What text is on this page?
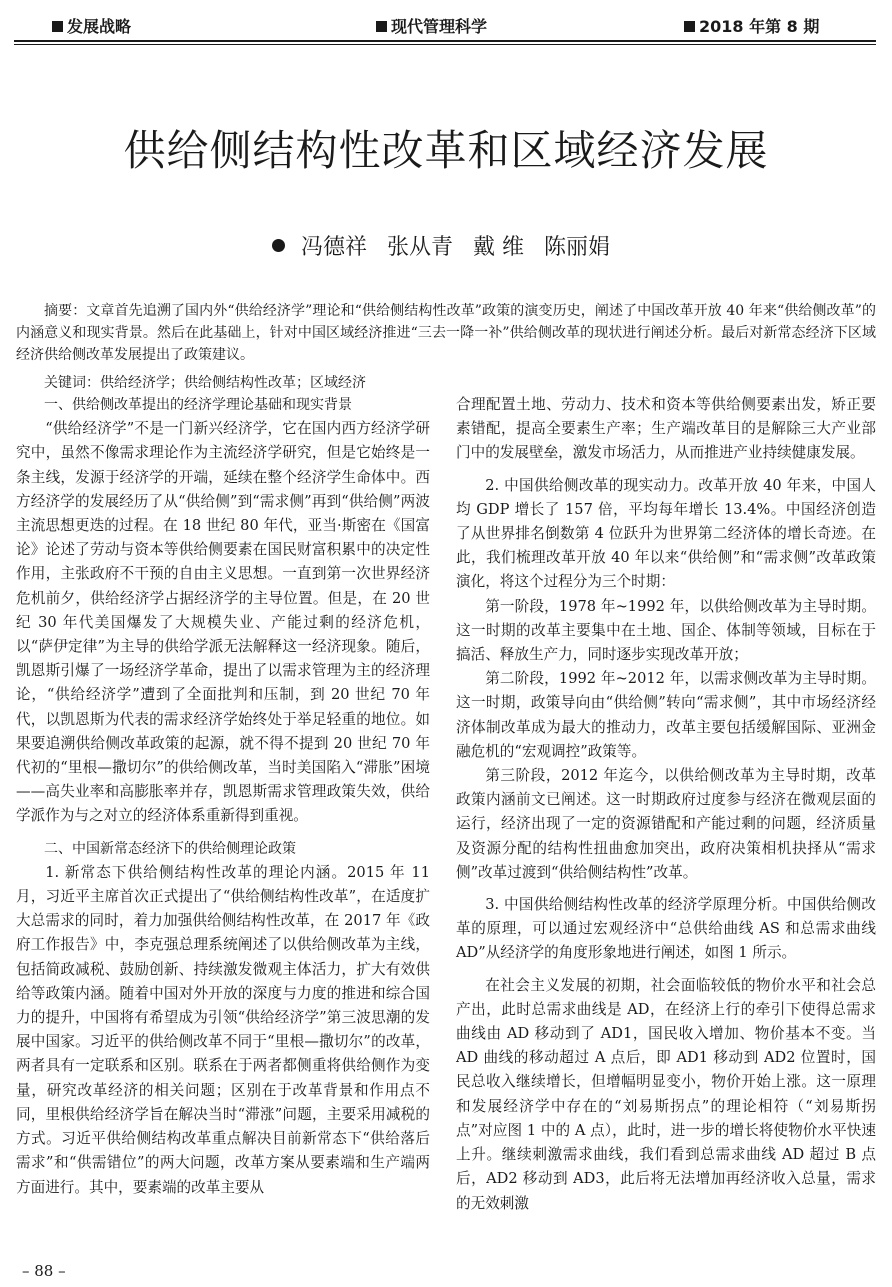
发展战略	现代管理科学	2018 年第 8 期
供给侧结构性改革和区域经济发展
冯德祥 张从青 戴 维 陈丽娟
摘要：文章首先追溯了国内外“供给经济学”理论和“供给侧结构性改革”政策的演变历史，阐述了中国改革开放 40 年来“供给侧改革”的内涵意义和现实背景。然后在此基础上，针对中国区域经济推进“三去一降一补”供给侧改革的现状进行阐述分析。最后对新常态经济下区域经济供给侧改革发展提出了政策建议。
关键词：供给经济学；供给侧结构性改革；区域经济

一、供给侧改革提出的经济学理论基础和现实背景

“供给经济学”不是一门新兴经济学，它在国内西方经济学研究中，虽然不像需求理论作为主流经济学研究，但是它始终是一条主线，发源于经济学的开端，延续在整个经济学生命体中。西方经济学的发展经历了从“供给侧”到“需求侧”再到“供给侧”两波主流思想更迭的过程。在 18 世纪 80 年代，亚当·斯密在《国富论》论述了劳动与资本等供给侧要素在国民财富积累中的决定性作用，主张政府不干预的自由主义思想。一直到第一次世界经济危机前夕，供给经济学占据经济学的主导位置。但是，在 20 世纪 30 年代美国爆发了大规模失业、产能过剩的经济危机，以“萨伊定律”为主导的供给学派无法解释这一经济现象。随后，凯恩斯引爆了一场经济学革命，提出了以需求管理为主的经济理论，“供给经济学”遭到了全面批判和压制，到 20 世纪 70 年代，以凯恩斯为代表的需求经济学始终处于举足轻重的地位。如果要追溯供给侧改革政策的起源，就不得不提到 20 世纪 70 年代初的“里根—撒切尔”的供给侧改革，当时美国陷入“滞胀”困境——高失业率和高膨胀率并存，凯恩斯需求管理政策失效，供给学派作为与之对立的经济体系重新得到重视。

二、中国新常态经济下的供给侧理论政策

1. 新常态下供给侧结构性改革的理论内涵。2015 年 11 月，习近平主席首次正式提出了“供给侧结构性改革”，在适度扩大总需求的同时，着力加强供给侧结构性改革，在 2017 年《政府工作报告》中，李克强总理系统阐述了以供给侧改革为主线，包括简政减税、鼓励创新、持续激发微观主体活力，扩大有效供给等政策内涵。随着中国对外开放的深度与力度的推进和综合国力的提升，中国将有希望成为引领“供给经济学”第三波思潮的发展中国家。习近平的供给侧改革不同于“里根—撒切尔”的改革，两者具有一定联系和区别。联系在于两者都侧重将供给侧作为变量，研究改革经济的相关问题；区别在于改革背景和作用点不同，里根供给经济学旨在解决当时“滞涨”问题，主要采用减税的方式。习近平供给侧结构改革重点解决目前新常态下“供给落后需求”和“供需错位”的两大问题，改革方案从要素端和生产端两方面进行。其中，要素端的改革主要从

合理配置土地、劳动力、技术和资本等供给侧要素出发，矫正要素错配，提高全要素生产率；生产端改革目的是解除三大产业部门中的发展壁垒，激发市场活力，从而推进产业持续健康发展。

2. 中国供给侧改革的现实动力。改革开放 40 年来，中国人均 GDP 增长了 157 倍，平均每年增长 13.4%。中国经济创造了从世界排名倒数第 4 位跃升为世界第二经济体的增长奇迹。在此，我们梳理改革开放 40 年以来“供给侧”和“需求侧”改革政策演化，将这个过程分为三个时期：

第一阶段，1978 年~1992 年，以供给侧改革为主导时期。这一时期的改革主要集中在土地、国企、体制等领域，目标在于搞活、释放生产力，同时逐步实现改革开放；

第二阶段，1992 年~2012 年，以需求侧改革为主导时期。这一时期，政策导向由“供给侧”转向“需求侧”，其中市场经济经济体制改革成为最大的推动力，改革主要包括缓解国际、亚洲金融危机的“宏观调控”政策等。

第三阶段，2012 年迄今，以供给侧改革为主导时期，改革政策内涵前文已阐述。这一时期政府过度参与经济在微观层面的运行，经济出现了一定的资源错配和产能过剩的问题，经济质量及资源分配的结构性扭曲愈加突出，政府决策相机抉择从“需求侧”改革过渡到“供给侧结构性”改革。

3. 中国供给侧结构性改革的经济学原理分析。中国供给侧改革的原理，可以通过宏观经济中“总供给曲线 AS 和总需求曲线 AD”从经济学的角度形象地进行阐述，如图 1 所示。

在社会主义发展的初期，社会面临较低的物价水平和社会总产出，此时总需求曲线是 AD，在经济上行的牵引下使得总需求曲线由 AD 移动到了 AD1，国民收入增加、物价基本不变。当 AD 曲线的移动超过 A 点后，即 AD1 移动到 AD2 位置时，国民总收入继续增长，但增幅明显变小，物价开始上涨。这一原理和发展经济学中存在的“刘易斯拐点”的理论相符（“刘易斯拐点”对应图 1 中的 A 点），此时，进一步的增长将使物价水平快速上升。继续刺激需求曲线，我们看到总需求曲线 AD 超过 B 点后，AD2 移动到 AD3，此后将无法增加再经济收入总量，需求的无效刺激

– 88 –
